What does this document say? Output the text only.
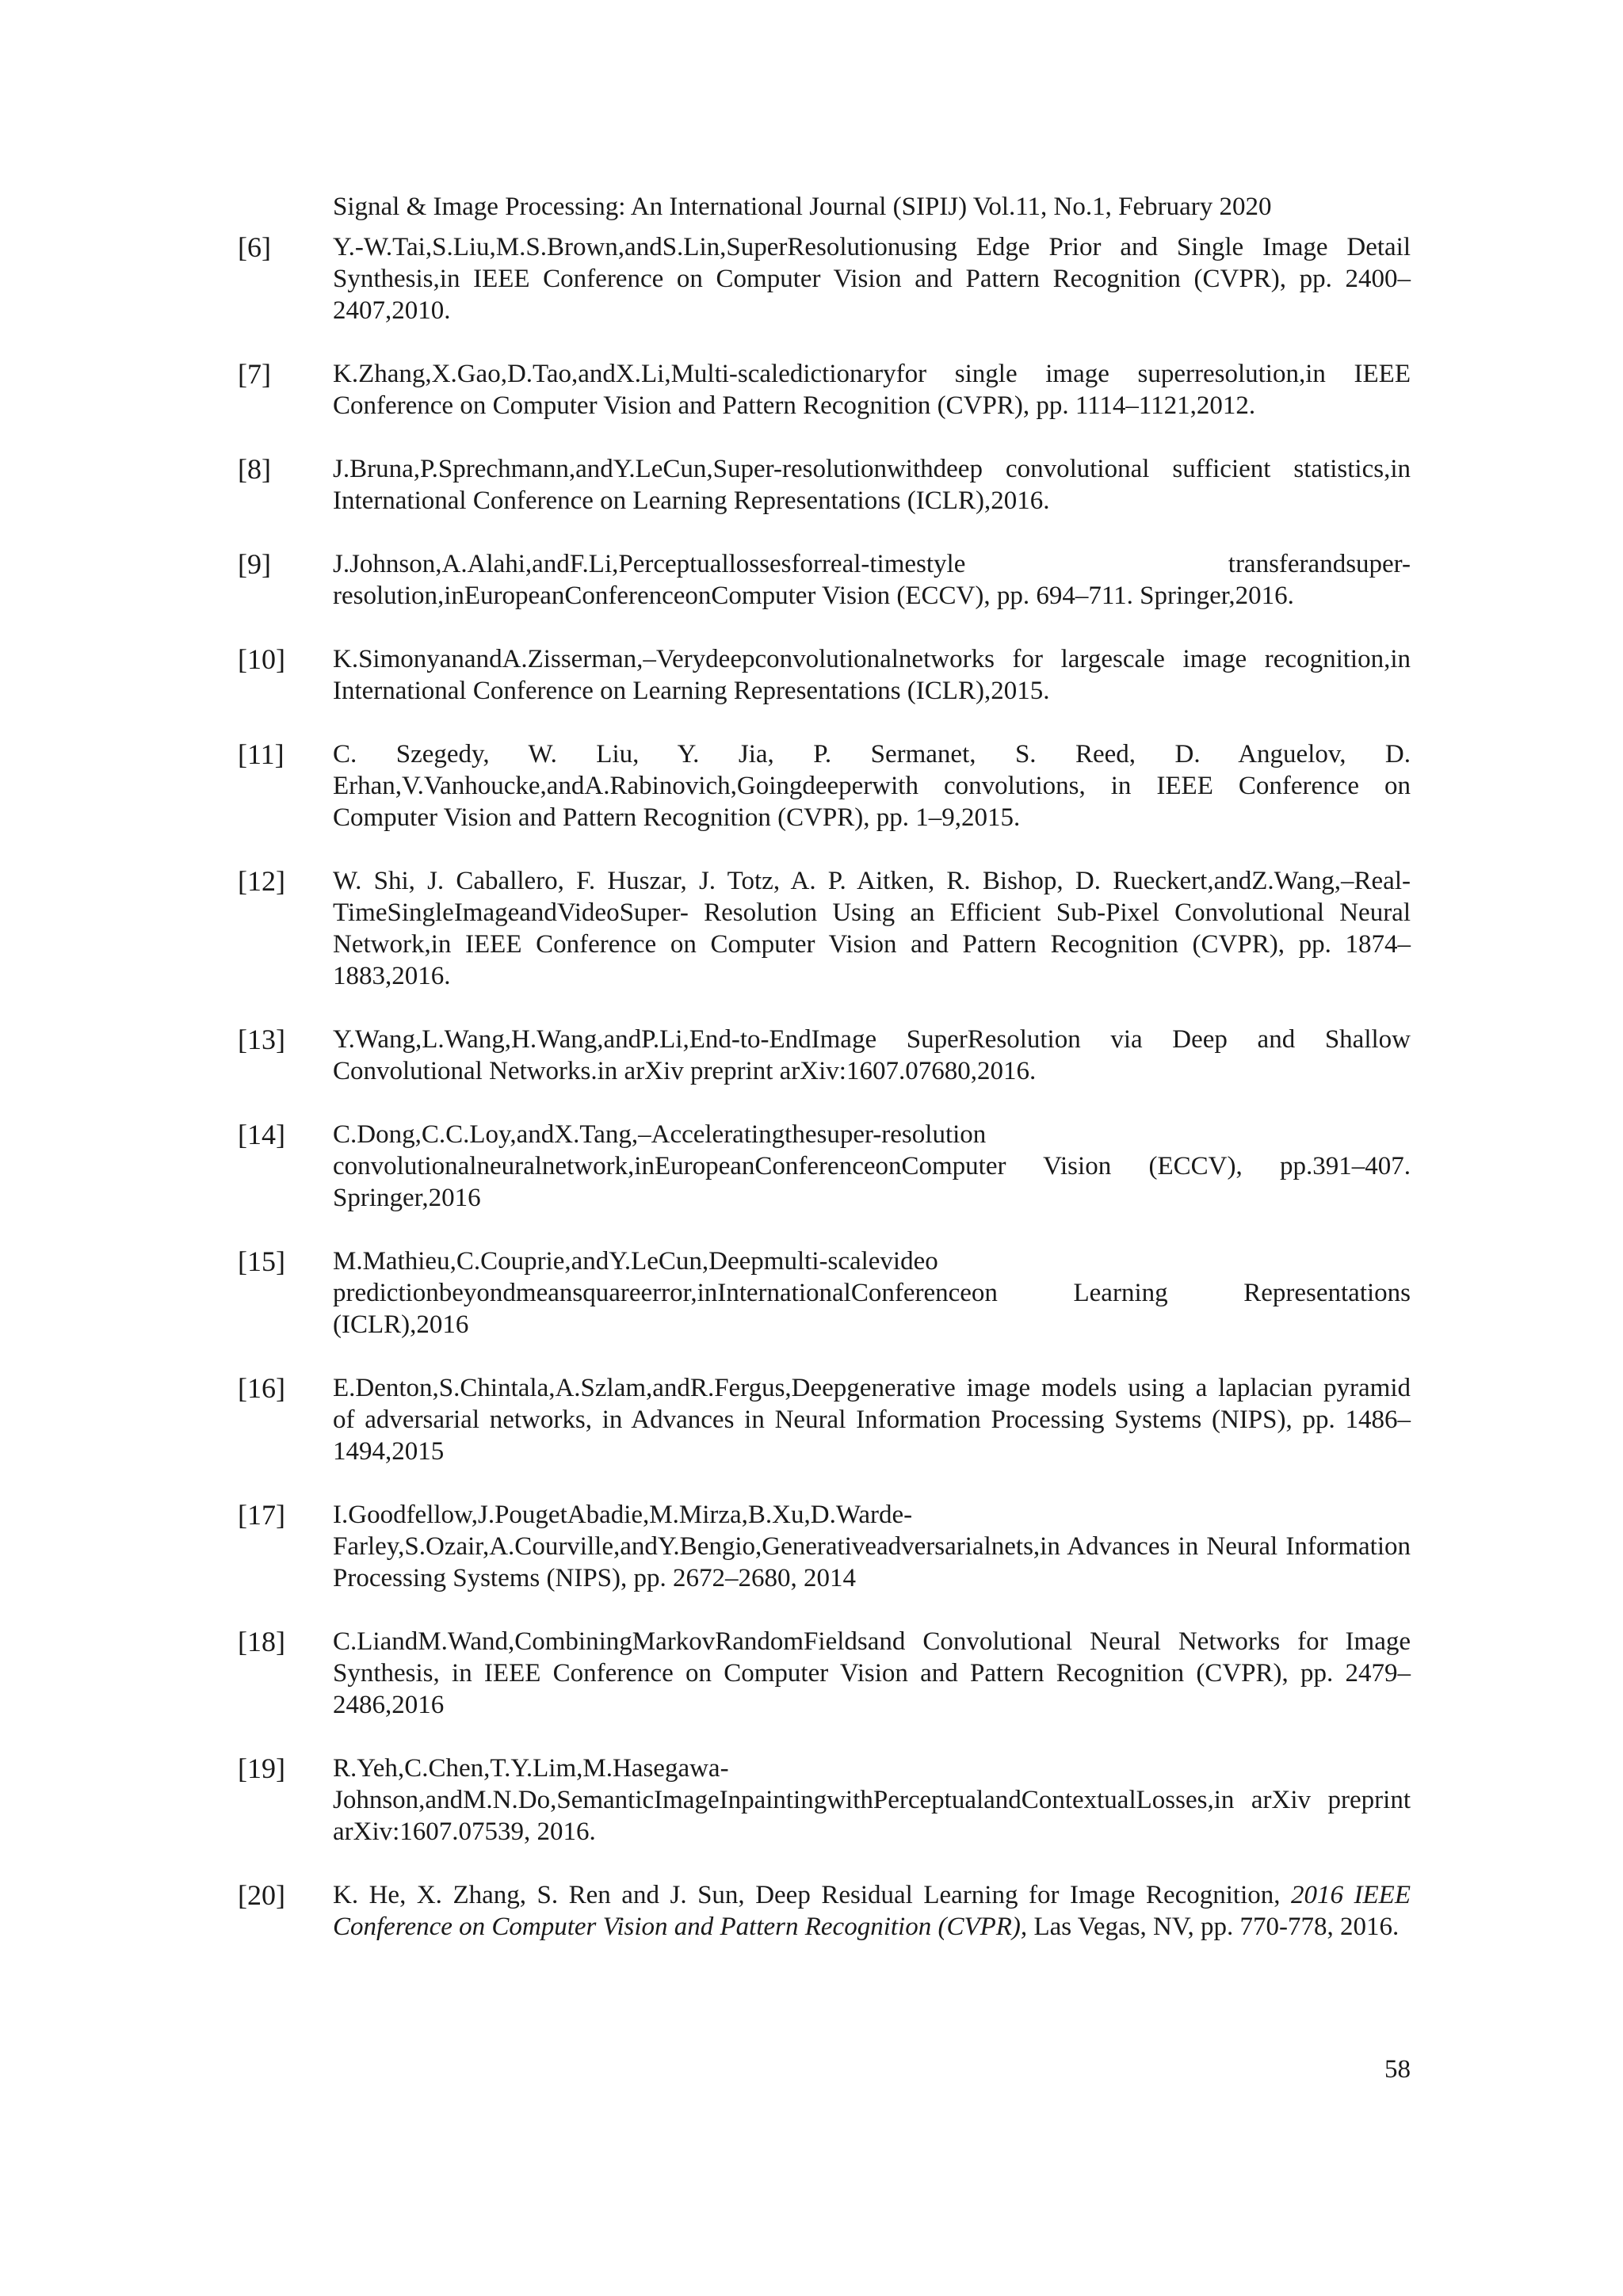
Signal & Image Processing: An International Journal (SIPIJ) Vol.11, No.1, February 2020
[6]	Y.-W.Tai,S.Liu,M.S.Brown,andS.Lin,SuperResolutionusing Edge Prior and Single Image Detail Synthesis,in IEEE Conference on Computer Vision and Pattern Recognition (CVPR), pp. 2400–2407,2010.
[7]	K.Zhang,X.Gao,D.Tao,andX.Li,Multi-scaledictionaryfor single image superresolution,in IEEE Conference on Computer Vision and Pattern Recognition (CVPR), pp. 1114–1121,2012.
[8]	J.Bruna,P.Sprechmann,andY.LeCun,Super-resolutionwithdeep convolutional sufficient statistics,in International Conference on Learning Representations (ICLR),2016.
[9]	J.Johnson,A.Alahi,andF.Li,Perceptuallossesforreal-timestyle transferandsuper-resolution,inEuropeanConferenceonComputer Vision (ECCV), pp. 694–711. Springer,2016.
[10]	K.SimonyanandA.Zisserman,–Verydeepconvolutionalnetworks for largescale image recognition,in International Conference on Learning Representations (ICLR),2015.
[11]	C. Szegedy, W. Liu, Y. Jia, P. Sermanet, S. Reed, D. Anguelov, D. Erhan,V.Vanhoucke,andA.Rabinovich,Goingdeeperwith convolutions, in IEEE Conference on Computer Vision and Pattern Recognition (CVPR), pp. 1–9,2015.
[12]	W. Shi, J. Caballero, F. Huszar, J. Totz, A. P. Aitken, R. Bishop, D. Rueckert,andZ.Wang,–Real-TimeSingleImageandVideoSuper- Resolution Using an Efficient Sub-Pixel Convolutional Neural Network,in IEEE Conference on Computer Vision and Pattern Recognition (CVPR), pp. 1874–1883,2016.
[13]	Y.Wang,L.Wang,H.Wang,andP.Li,End-to-EndImage SuperResolution via Deep and Shallow Convolutional Networks.in arXiv preprint arXiv:1607.07680,2016.
[14]	C.Dong,C.C.Loy,andX.Tang,–Acceleratingthesuper-resolution convolutionalneuralnetwork,inEuropeanConferenceonComputer Vision (ECCV), pp.391–407. Springer,2016
[15]	M.Mathieu,C.Couprie,andY.LeCun,Deepmulti-scalevideo predictionbeyondmeansquareerror,inInternationalConferenceon Learning Representations (ICLR),2016
[16]	E.Denton,S.Chintala,A.Szlam,andR.Fergus,Deepgenerative image models using a laplacian pyramid of adversarial networks, in Advances in Neural Information Processing Systems (NIPS), pp. 1486–1494,2015
[17]	I.Goodfellow,J.PougetAbadie,M.Mirza,B.Xu,D.Warde-Farley,S.Ozair,A.Courville,andY.Bengio,Generativeadversarialnets,in Advances in Neural Information Processing Systems (NIPS), pp. 2672–2680, 2014
[18]	C.LiandM.Wand,CombiningMarkovRandomFieldsand Convolutional Neural Networks for Image Synthesis, in IEEE Conference on Computer Vision and Pattern Recognition (CVPR), pp. 2479–2486,2016
[19]	R.Yeh,C.Chen,T.Y.Lim,M.Hasegawa-Johnson,andM.N.Do,SemanticImageInpaintingwithPerceptualandContextualLosses,in arXiv preprint arXiv:1607.07539, 2016.
[20]	K. He, X. Zhang, S. Ren and J. Sun, Deep Residual Learning for Image Recognition, 2016 IEEE Conference on Computer Vision and Pattern Recognition (CVPR), Las Vegas, NV, pp. 770-778, 2016.
58
